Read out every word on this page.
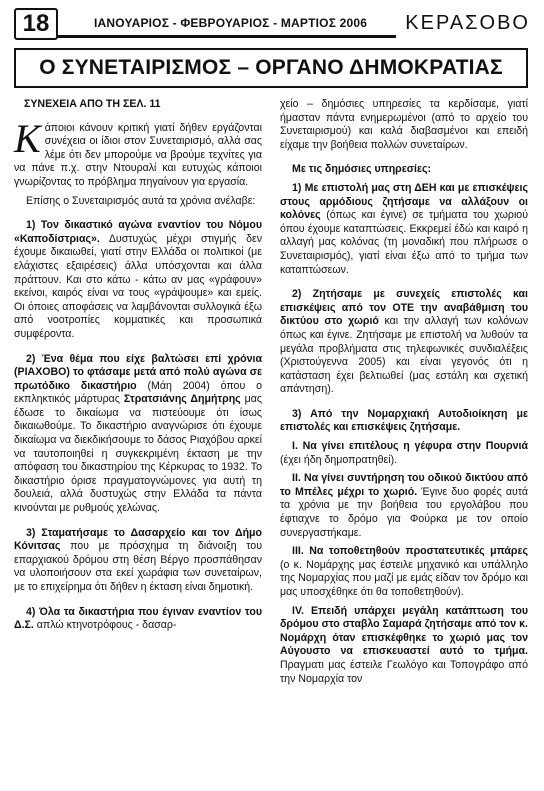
18	ΙΑΝΟΥΑΡΙΟΣ - ΦΕΒΡΟΥΑΡΙΟΣ - ΜΑΡΤΙΟΣ 2006 ΚΕΡΑΣΟΒΟ
Ο ΣΥΝΕΤΑΙΡΙΣΜΟΣ – ΟΡΓΑΝΟ ΔΗΜΟΚΡΑΤΙΑΣ

ΣΥΝΕΧΕΙΑ ΑΠΟ ΤΗ ΣΕΛ. 11

Κάποιοι κάνουν κριτική γιατί δήθεν εργάζονται συνέχεια οι ίδιοι στον Συνεταιρισμό, αλλά σας λέμε ότι δεν μπορούμε να βρούμε τεχνίτες για να πάνε π.χ. στην Ντουραλί και ευτυχώς κάποιοι γνωρίζοντας το πρόβλημα πηγαίνουν για εργασία.

Επίσης ο Συνεταιρισμός αυτά τα χρόνια ανέλαβε:

1) Τον δικαστικό αγώνα εναντίον του Νόμου «Καποδίστριας». Δυστυχώς μέχρι στιγμής δεν έχουμε δικαιωθεί, γιατί στην Ελλάδα οι πολιτικοί (με ελάχιστες εξαιρέσεις) άλλα υπόσχονται και άλλα πράττουν. Και στο κάτω - κάτω αν μας «γράφουν» εκείνοι, καιρός είναι να τους «γράψουμε» και εμείς. Οι όποιες αποφάσεις να λαμβάνονται συλλογικά έξω από νοοτροπίες κομματικές και προσωπικά συμφέροντα.

2) Ένα θέμα που είχε βαλτώσει επί χρόνια (ΡΙΑΧΟΒΟ) το φτάσαμε μετά από πολύ αγώνα σε πρωτόδικο δικαστήριο (Μάη 2004) όπου ο εκπληκτικός μάρτυρας Στρατσιάνης Δημήτρης μας έδωσε το δικαίωμα να πιστεύουμε ότι ίσως δικαιωθούμε. Το δικαστήριο αναγνώρισε ότι έχουμε δικαίωμα να διεκδικήσουμε το δάσος Ριαχόβου αρκεί να ταυτοποιηθεί η συγκεκριμένη έκταση με την απόφαση του δικαστηρίου της Κέρκυρας το 1932. Το δικαστήριο όρισε πραγματογνώμονες για αυτή τη δουλειά, αλλά δυστυχώς στην Ελλάδα τα πάντα κινούνται με ρυθμούς χελώνας.

3) Σταματήσαμε το Δασαρχείο και τον Δήμο Κόνιτσας που με πρόσχημα τη διάνοιξη του επαρχιακού δρόμου στη θέση Βέργο προσπάθησαν να υλοποιήσουν στα εκεί χωράφια των συνεταίρων, με το επιχείρημα ότι δήθεν η έκταση είναι δημοτική.

4) Όλα τα δικαστήρια που έγιναν εναντίον του Δ.Σ. απλώ κτηνοτρόφους - δασαρ-

χείο – δημόσιες υπηρεσίες τα κερδίσαμε, γιατί ήμασταν πάντα ενημερωμένοι (από το αρχείο του Συνεταιρισμού) και καλά διαβασμένοι και επειδή είχαμε την βοήθεια πολλών συνεταίρων.

Με τις δημόσιες υπηρεσίες:

1) Με επιστολή μας στη ΔΕΗ και με επισκέψεις στους αρμόδιους ζητήσαμε να αλλάξουν οι κολόνες (όπως και έγινε) σε τμήματα του χωριού όπου έχουμε καταπτώσεις. Εκκρεμεί έδώ και καιρό η αλλαγή μας κολόνας (τη μοναδική που πλήρωσε ο Συνεταιρισμός), γιατί είναι έξω από το τμήμα των καταπτώσεων.

2) Ζητήσαμε με συνεχείς επιστολές και επισκέψεις από τον ΟΤΕ την αναβάθμιση του δικτύου στο χωριό και την αλλαγή των κολόνων όπως και έγινε. Ζητήσαμε με επιστολή να λυθούν τα μεγάλα προβλήματα στις τηλεφωνικές συνδιαλέξεις (Χριστούγεννα 2005) και είναι γεγονός ότι η κατάσταση έχει βελτιωθεί (μας εστάλη και σχετική απάντηση).

3) Από την Νομαρχιακή Αυτοδιοίκηση με επιστολές και επισκέψεις ζητήσαμε.

Ι. Να γίνει επιτέλους η γέφυρα στην Πουρνιά (έχει ήδη δημοπρατηθεί).

ΙΙ. Να γίνει συντήρηση του οδικού δικτύου από το Μπέλες μέχρι το χωριό. Έγινε δυο φορές αυτά τα χρόνια με την βοήθεια του εργολάβου που έφτιαχνε το δρόμο για Φούρκα με τον οποίο συνεργαστήκαμε.

ΙΙΙ. Να τοποθετηθούν προστατευτικές μπάρες (ο κ. Νομάρχης μας έστειλε μηχανικό και υπάλληλο της Νομαρχίας που μαζί με εμάς είδαν τον δρόμο και μας υποσχέθηκε ότι θα τοποθετηθούν).

IV. Επειδή υπάρχει μεγάλη κατάπτωση του δρόμου στο σταβλο Σαμαρά ζητήσαμε από τον κ. Νομάρχη όταν επισκέφθηκε το χωριό μας τον Αύγουστο να επισκευαστεί αυτό το τμήμα. Πραγματι μας έστειλε Γεωλόγο και Τοπογράφο από την Νομαρχία τον
